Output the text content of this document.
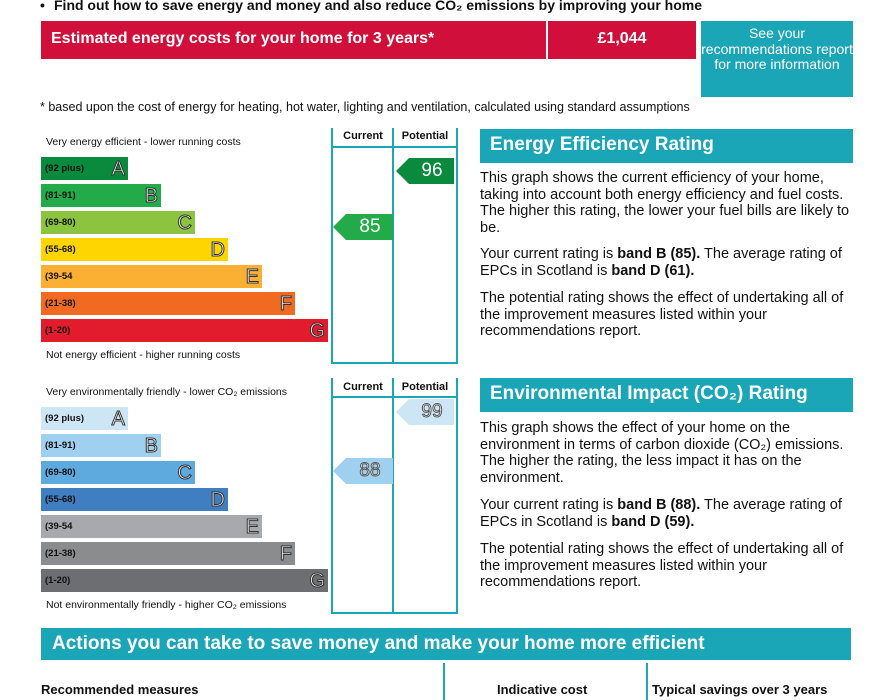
• Find out how to save energy and money and also reduce CO₂ emissions by improving your home
Estimated energy costs for your home for 3 years*	£1,044	See your recommendations report for more information
* based upon the cost of energy for heating, hot water, lighting and ventilation, calculated using standard assumptions
Current	Potential
Very energy efficient - lower running costs
Not energy efficient - higher running costs
(92 plus) A
(81-91)	B
(69-80)	C
(55-68)	D
(39-54	E
(21-38)	F
(1-20)	G
85
96
Current	Potential
Very environmentally friendly - lower CO₂ emissions
Not environmentally friendly - higher CO₂ emissions
(92 plus) A
(81-91)	B
(69-80)	C
(55-68)	D
(39-54	E
(21-38)	F
(1-20)	G
88
99
Energy Efficiency Rating
This graph shows the current efficiency of your home, taking into account both energy efficiency and fuel costs. The higher this rating, the lower your fuel bills are likely to be.
Your current rating is band B (85). The average rating of EPCs in Scotland is band D (61).
The potential rating shows the effect of undertaking all of the improvement measures listed within your recommendations report.
Environmental Impact (CO₂) Rating
This graph shows the effect of your home on the environment in terms of carbon dioxide (CO₂) emissions. The higher the rating, the less impact it has on the environment.
Your current rating is band B (88). The average rating of EPCs in Scotland is band D (59).
The potential rating shows the effect of undertaking all of the improvement measures listed within your recommendations report.
Actions you can take to save money and make your home more efficient
Recommended measures	Indicative cost	Typical savings over 3 years
